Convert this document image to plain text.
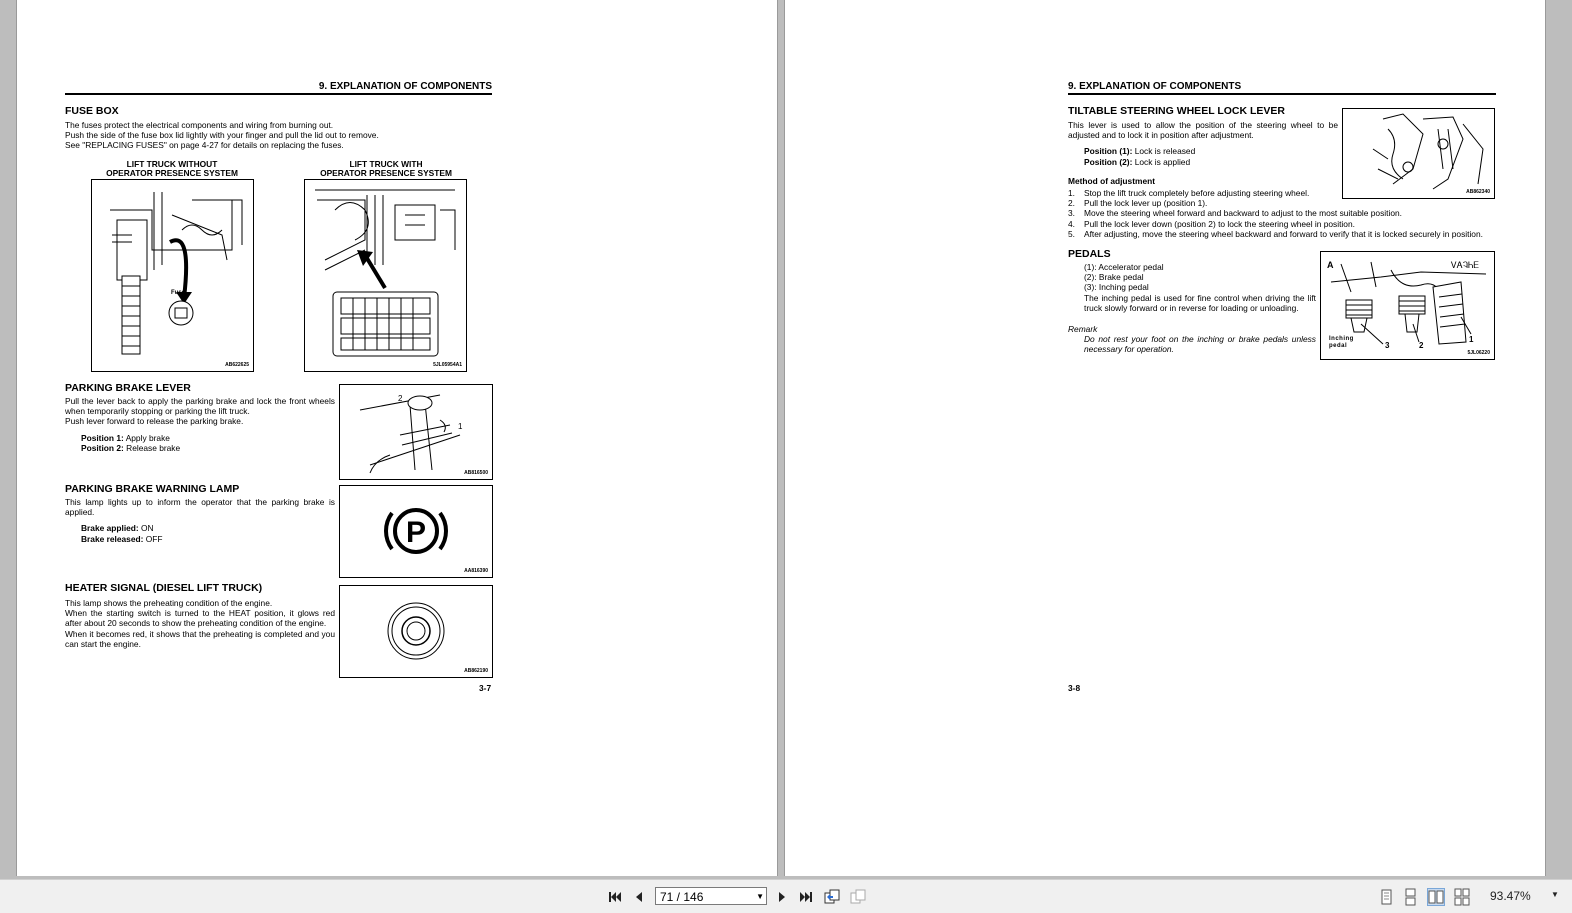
9. EXPLANATION OF COMPONENTS
FUSE BOX
The fuses protect the electrical components and wiring from burning out.
Push the side of the fuse box lid lightly with your finger and pull the lid out to remove.
See "REPLACING FUSES" on page 4-27 for details on replacing the fuses.
LIFT TRUCK WITHOUT
OPERATOR PRESENCE SYSTEM
LIFT TRUCK WITH
OPERATOR PRESENCE SYSTEM
Fuse
AB622625	5JL05954A1
PARKING BRAKE LEVER
Pull the lever back to apply the parking brake and lock the front wheels when temporarily stopping or parking the lift truck.
Push lever forward to release the parking brake.
Position 1: Apply brake
Position 2: Release brake
2
1
AB816500
PARKING BRAKE WARNING LAMP
This lamp lights up to inform the operator that the parking brake is applied.
Brake applied: ON
Brake released: OFF	P
AA816390
HEATER SIGNAL (DIESEL LIFT TRUCK)
This lamp shows the preheating condition of the engine.
When the starting switch is turned to the HEAT position, it glows red after about 20 seconds to show the preheating condition of the engine.
When it becomes red, it shows that the preheating is completed and you can start the engine.
AB862190
3-7
9. EXPLANATION OF COMPONENTS
TILTABLE STEERING WHEEL LOCK LEVER
This lever is used to allow the position of the steering wheel to be adjusted and to lock it in position after adjustment.
Position (1): Lock is released
Position (2): Lock is applied
AB862340
Method of adjustment
1.	Stop the lift truck completely before adjusting steering wheel.
2.	Pull the lock lever up (position 1).
3.	Move the steering wheel forward and backward to adjust to the most suitable position.
4.	Pull the lock lever down (position 2) to lock the steering wheel in position.
5.	After adjusting, move the steering wheel backward and forward to verify that it is locked securely in position.
PEDALS
(1): Accelerator pedal
(2): Brake pedal
(3): Inching pedal
The inching pedal is used for fine control when driving the lift truck slowly forward or in reverse for loading or unloading.
Remark
Do not rest your foot on the inching or brake pedals unless necessary for operation.
A	ᏙᎪᎸᏂᎬ
3	2
1
Inching pedal
5JL06220
3-8
71 / 146	▼	93.47%	▼
